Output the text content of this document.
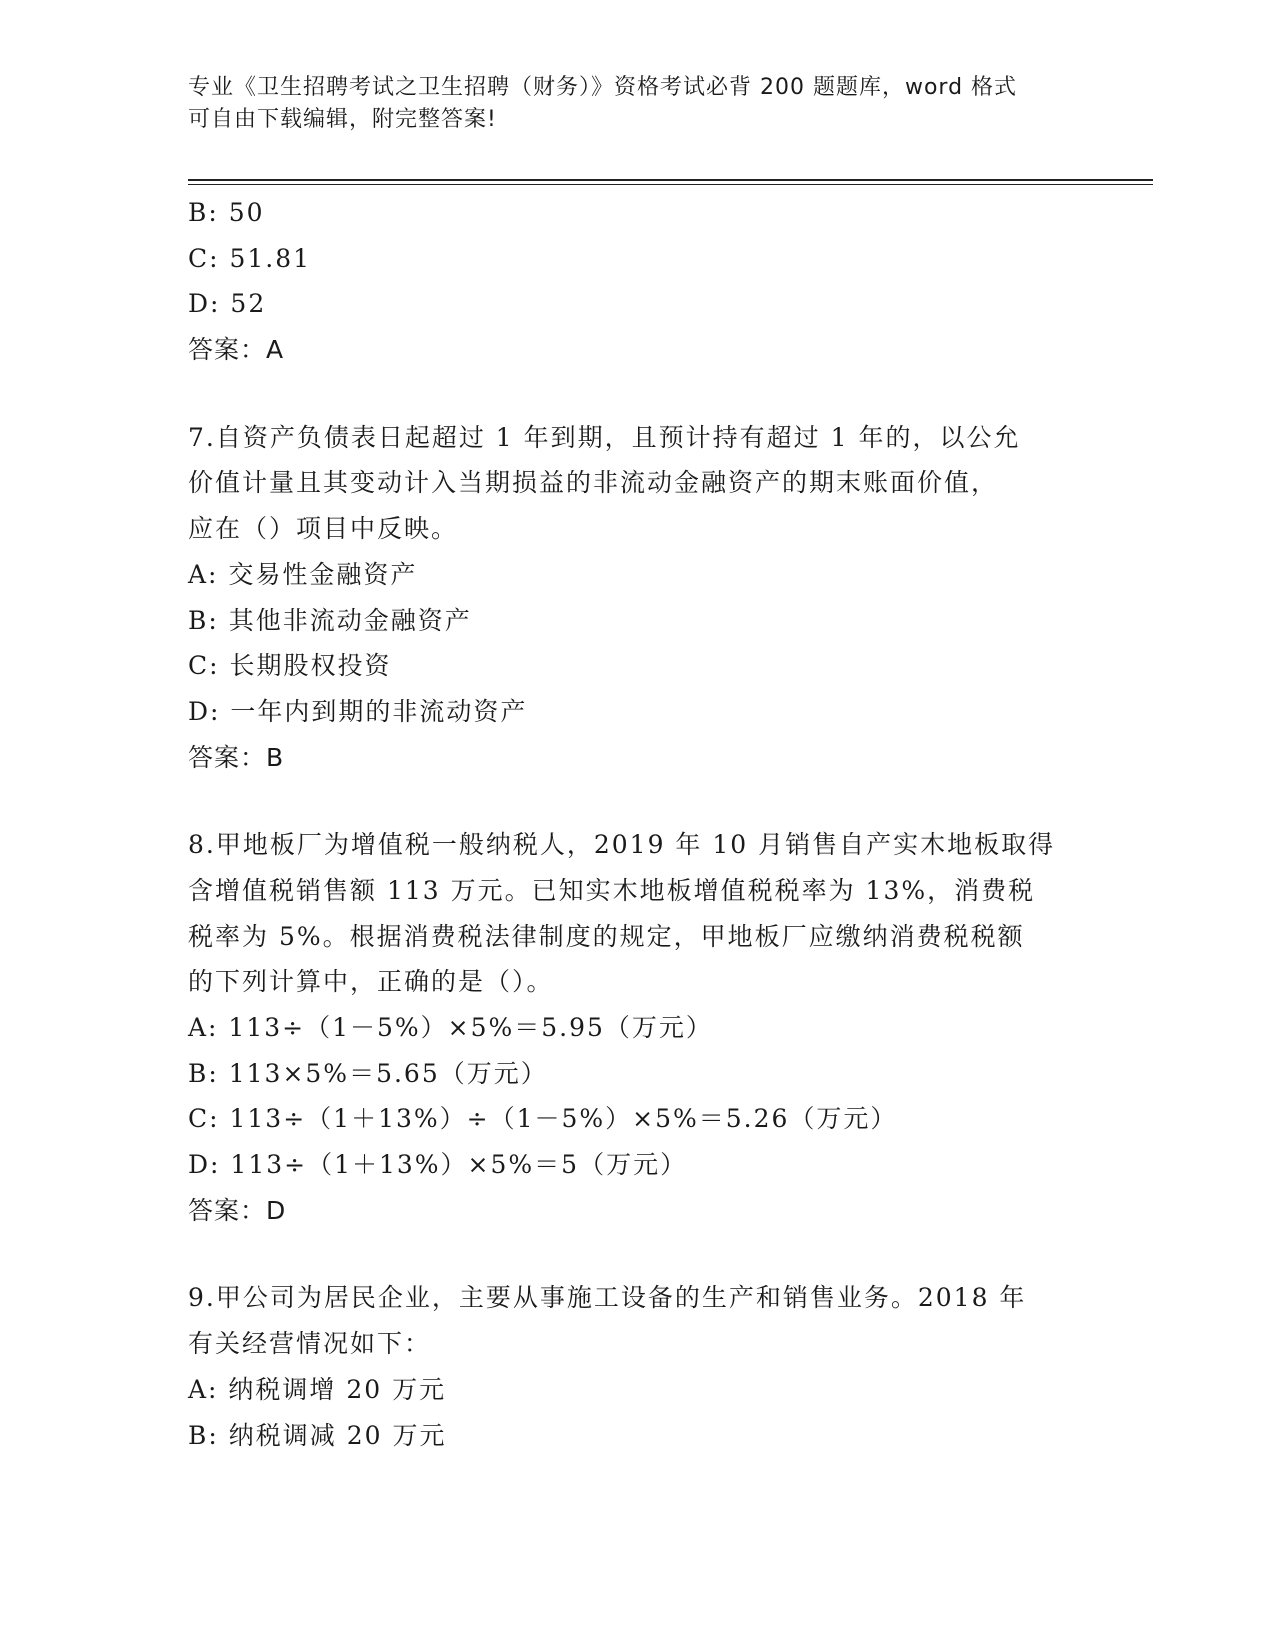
专业《卫生招聘考试之卫生招聘（财务）》资格考试必背 200 题题库，word 格式
可自由下载编辑，附完整答案!
B: 50
C: 51.81
D: 52
答案：A
7.自资产负债表日起超过 1 年到期，且预计持有超过 1 年的，以公允
价值计量且其变动计入当期损益的非流动金融资产的期末账面价值，
应在（）项目中反映。
A: 交易性金融资产
B: 其他非流动金融资产
C: 长期股权投资
D: 一年内到期的非流动资产
答案：B
8.甲地板厂为增值税一般纳税人，2019 年 10 月销售自产实木地板取得
含增值税销售额 113 万元。已知实木地板增值税税率为 13%，消费税
税率为 5%。根据消费税法律制度的规定，甲地板厂应缴纳消费税税额
的下列计算中，正确的是（）。
A: 113÷（1－5%）×5%＝5.95（万元）
B: 113×5%＝5.65（万元）
C: 113÷（1＋13%）÷（1－5%）×5%＝5.26（万元）
D: 113÷（1＋13%）×5%＝5（万元）
答案：D
9.甲公司为居民企业，主要从事施工设备的生产和销售业务。2018 年
有关经营情况如下：
A: 纳税调增 20 万元
B: 纳税调减 20 万元
